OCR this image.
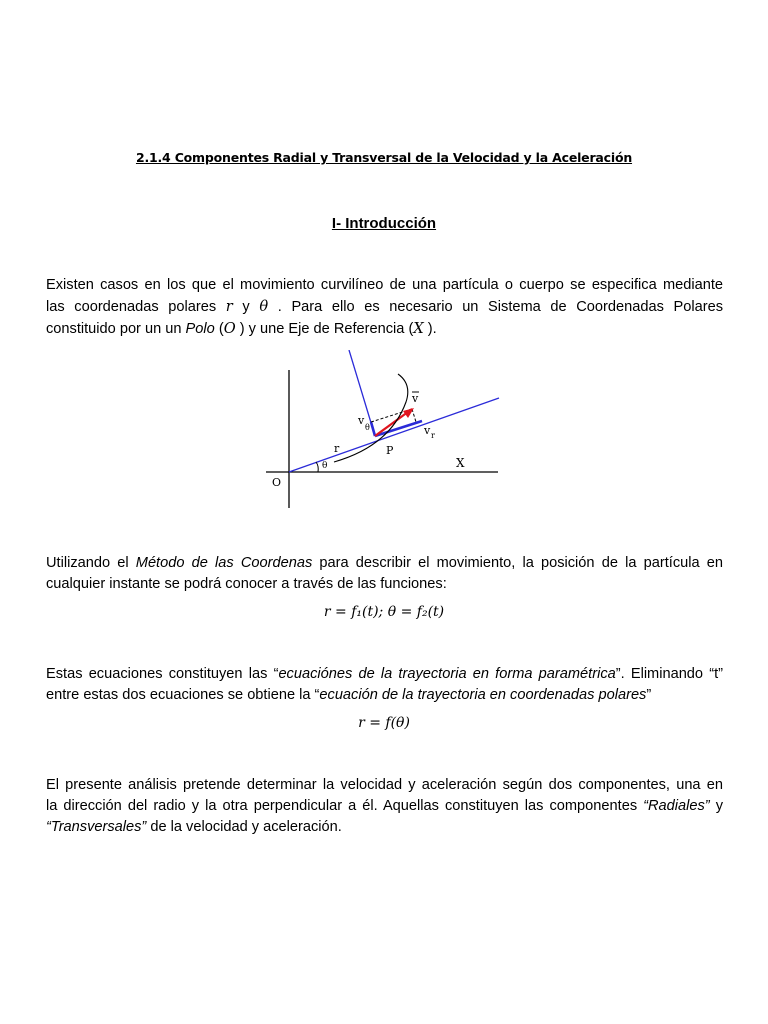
2.1.4 Componentes Radial y Transversal de la Velocidad y la Aceleración
I- Introducción
Existen casos en los que el movimiento curvilíneo de una partícula o cuerpo se especifica mediante
las coordenadas polares r y θ . Para ello es necesario un Sistema de Coordenadas Polares
constituido por un un Polo (O ) y une Eje de Referencia (X ).
v
v
θ	v r
r	P
θ	X
O
Utilizando el Método de las Coordenas para describir el movimiento, la posición de la partícula en
cualquier instante se podrá conocer a través de las funciones:
r = f₁(t); θ = f₂(t)
Estas ecuaciones constituyen las “ecuaciónes de la trayectoria en forma paramétrica”. Eliminando “t”
entre estas dos ecuaciones se obtiene la “ecuación de la trayectoria en coordenadas polares”
r = f(θ)
El presente análisis pretende determinar la velocidad y aceleración según dos componentes, una en
la dirección del radio y la otra perpendicular a él. Aquellas constituyen las componentes “Radiales” y
“Transversales” de la velocidad y aceleración.
